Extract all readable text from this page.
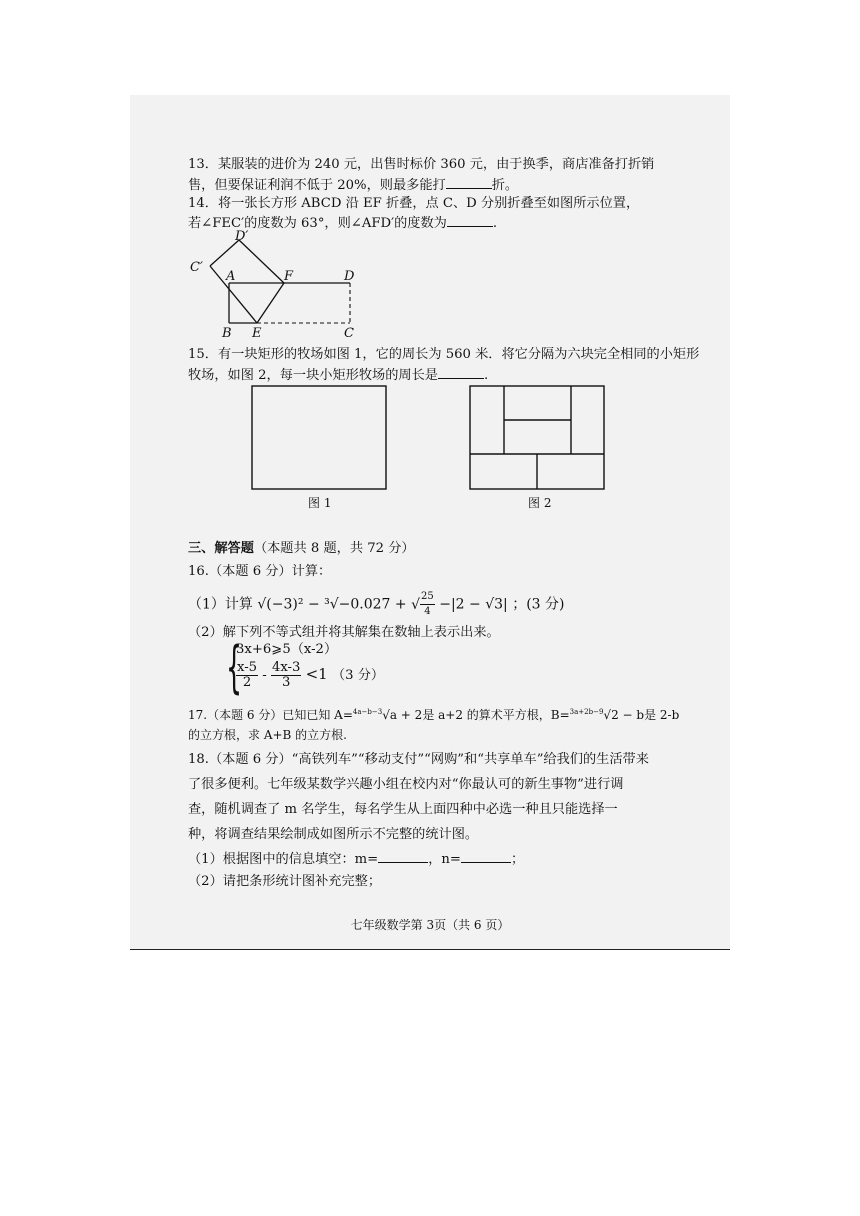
13．某服装的进价为 240 元，出售时标价 360 元，由于换季，商店准备打折销
售，但要保证利润不低于 20%，则最多能打	折。
14．将一张长方形 ABCD 沿 EF 折叠，点 C、D 分别折叠至如图所示位置，
若∠FEC′的度数为 63°，则∠AFD′的度数为	.
D′
C′
A	F	D
B E	C
15．有一块矩形的牧场如图 1，它的周长为 560 米．将它分隔为六块完全相同的小矩形
牧场，如图 2，每一块小矩形牧场的周长是	.
图 1	图 2
三、解答题（本题共 8 题，共 72 分）
16.（本题 6 分）计算：
（1）计算 √(−3)² − ³√−0.027 + √ $\frac{25}{4} -|2 - √3|$ ；(3 分)
（2）解下列不等式组并将其解集在数轴上表示出来。
{
3x+6⩾5（x-2）
$\frac{x-5}{2} - \frac{4x-3}{3} <1$ （3 分）
17.（本题 6 分）已知已知 A=$^{4a-b-3}$√a + 2是 a+2 的算术平方根，B=$^{3a+2b-9}$√2 − b是 2-b
的立方根，求 A+B 的立方根.
18.（本题 6 分）“高铁列车”“移动支付”“网购”和“共享单车”给我们的生活带来
了很多便利。七年级某数学兴趣小组在校内对“你最认可的新生事物”进行调
查，随机调查了 m 名学生，每名学生从上面四种中必选一种且只能选择一
种，将调查结果绘制成如图所示不完整的统计图。
（1）根据图中的信息填空：m=	，n=	；
（2）请把条形统计图补充完整；
七年级数学第 3页（共 6 页）
